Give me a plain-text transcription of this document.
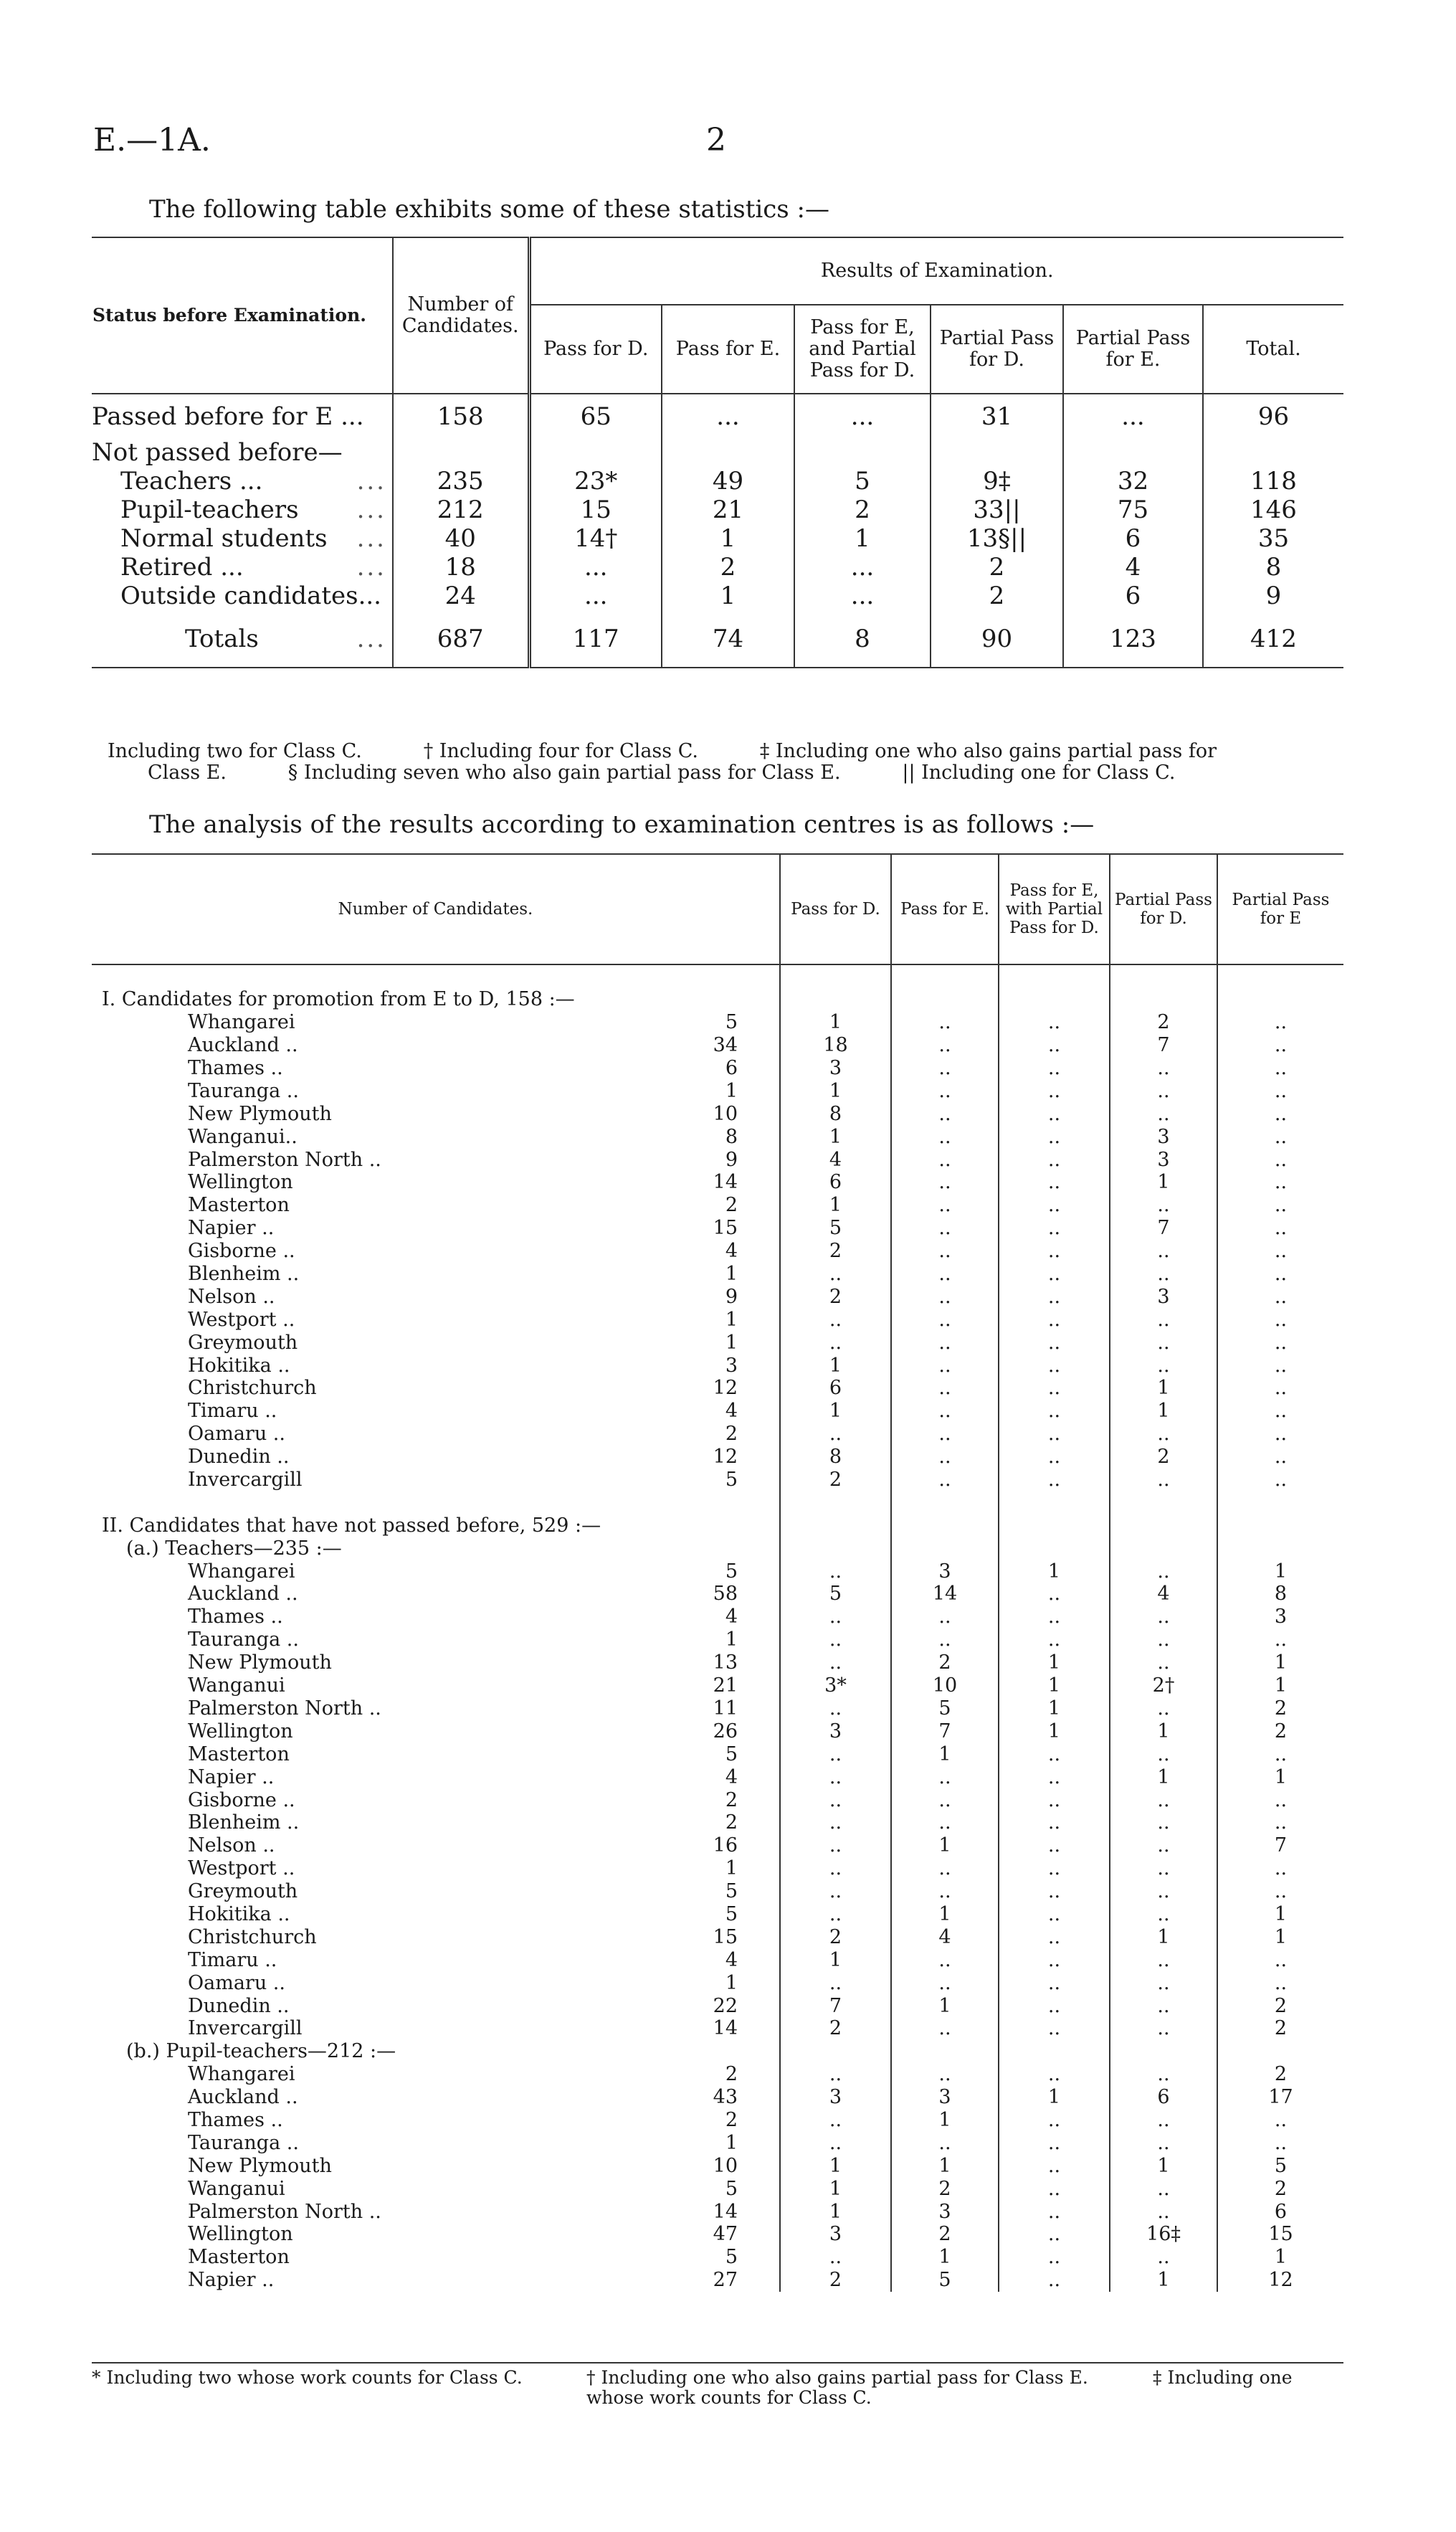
E.—1A.	2
The following table exhibits some of these statistics :—
Status before Examination.	Number of Candidates.	Results of Examination.					
		Pass for D.	Pass for E.	Pass for E, and Partial Pass for D.	Partial Pass for D.	Partial Pass for E.	Total.
Passed before for E ...	158	65	...	...	31	...	96
Not passed before—							
Teachers ... ...	235	23*	49	5	9‡	32	118
Pupil-teachers ...	212	15	21	2	33||	75	146
Normal students ...	40	14†	1	1	13§||	6	35
Retired ... ...	18	...	2	...	2	4	8
Outside candidates...	24	...	1	...	2	6	9
Totals ...	687	117	74	8	90	123	412
Including two for Class C.          † Including four for Class C.          ‡ Including one who also gains partial pass for
Class E.          § Including seven who also gain partial pass for Class E.          || Including one for Class C.
The analysis of the results according to examination centres is as follows :—
Number of Candidates.	Pass for D.	Pass for E.	Pass for E, with Partial Pass for D.	Partial Pass for D.	Partial Pass for E

I. Candidates for promotion from E to D, 158 :—					
Whangarei 5	1	..	..	2	..
Auckland .. 34	18	..	..	7	..
Thames .. 6	3	..	..	..	..
Tauranga .. 1	1	..	..	..	..
New Plymouth 10	8	..	..	..	..
Wanganui.. 8	1	..	..	3	..
Palmerston North .. 9	4	..	..	3	..
Wellington 14	6	..	..	1	..
Masterton 2	1	..	..	..	..
Napier .. 15	5	..	..	7	..
Gisborne .. 4	2	..	..	..	..
Blenheim .. 1	..	..	..	..	..
Nelson .. 9	2	..	..	3	..
Westport .. 1	..	..	..	..	..
Greymouth 1	..	..	..	..	..
Hokitika .. 3	1	..	..	..	..
Christchurch 12	6	..	..	1	..
Timaru .. 4	1	..	..	1	..
Oamaru .. 2	..	..	..	..	..
Dunedin .. 12	8	..	..	2	..
Invercargill 5	2	..	..	..	..

II. Candidates that have not passed before, 529 :—					
(a.) Teachers—235 :—					
Whangarei 5	..	3	1	..	1
Auckland .. 58	5	14	..	4	8
Thames .. 4	..	..	..	..	3
Tauranga .. 1	..	..	..	..	..
New Plymouth 13	..	2	1	..	1
Wanganui 21	3*	10	1	2†	1
Palmerston North .. 11	..	5	1	..	2
Wellington 26	3	7	1	1	2
Masterton 5	..	1	..	..	..
Napier .. 4	..	..	..	1	1
Gisborne .. 2	..	..	..	..	..
Blenheim .. 2	..	..	..	..	..
Nelson .. 16	..	1	..	..	7
Westport .. 1	..	..	..	..	..
Greymouth 5	..	..	..	..	..
Hokitika .. 5	..	1	..	..	1
Christchurch 15	2	4	..	1	1
Timaru .. 4	1	..	..	..	..
Oamaru .. 1	..	..	..	..	..
Dunedin .. 22	7	1	..	..	2
Invercargill 14	2	..	..	..	2
(b.) Pupil-teachers—212 :—					
Whangarei 2	..	..	..	..	2
Auckland .. 43	3	3	1	6	17
Thames .. 2	..	1	..	..	..
Tauranga .. 1	..	..	..	..	..
New Plymouth 10	1	1	..	1	5
Wanganui 5	1	2	..	..	2
Palmerston North .. 14	1	3	..	..	6
Wellington 47	3	2	..	16‡	15
Masterton 5	..	1	..	..	1
Napier .. 27	2	5	..	1	12
* Including two whose work counts for Class C.	† Including one who also gains partial pass for Class E.	‡ Including one
whose work counts for Class C.
